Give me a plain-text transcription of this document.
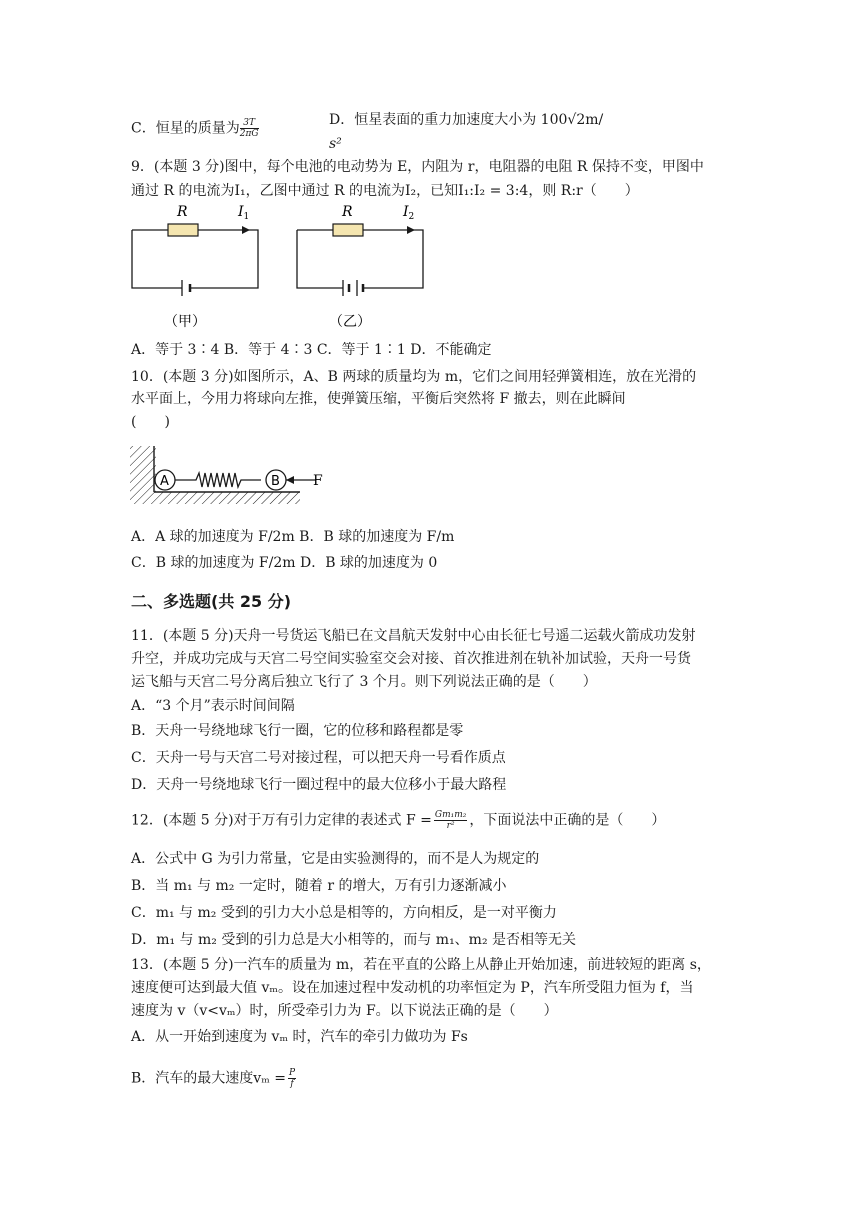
C．恒星的质量为 $\frac{3T}{2\pi G}$	D．恒星表面的重力加速度大小为 100√2m/
s²
9．(本题 3 分)图中，每个电池的电动势为 E，内阻为 r，电阻器的电阻 R 保持不变，甲图中
通过 R 的电流为I₁，乙图中通过 R 的电流为I₂，已知I₁:I₂ = 3:4，则 R:r（　　）
R	$I_1$
（甲）
R	$I_2$
（乙）
A．等于 3∶4 B．等于 4∶3 C．等于 1∶1 D．不能确定
10．(本题 3 分)如图所示，A、B 两球的质量均为 m，它们之间用轻弹簧相连，放在光滑的
水平面上，今用力将球向左推，使弹簧压缩，平衡后突然将 F 撤去，则在此瞬间
(　　)
A	B F
A．A 球的加速度为 F/2m B．B 球的加速度为 F/m
C．B 球的加速度为 F/2m D．B 球的加速度为 0
二、多选题(共 25 分)
11．(本题 5 分)天舟一号货运飞船已在文昌航天发射中心由长征七号遥二运载火箭成功发射
升空，并成功完成与天宫二号空间实验室交会对接、首次推进剂在轨补加试验，天舟一号货
运飞船与天宫二号分离后独立飞行了 3 个月。则下列说法正确的是（　　）
A．“3 个月”表示时间间隔
B．天舟一号绕地球飞行一圈，它的位移和路程都是零
C．天舟一号与天宫二号对接过程，可以把天舟一号看作质点
D．天舟一号绕地球飞行一圈过程中的最大位移小于最大路程
12．(本题 5 分)对于万有引力定律的表述式 $F = \frac{\text{Gm₁m₂}}{\text{r²}}$ ，下面说法中正确的是（　　）
A．公式中 G 为引力常量，它是由实验测得的，而不是人为规定的
B．当 m₁ 与 m₂ 一定时，随着 r 的增大，万有引力逐渐减小
C．m₁ 与 m₂ 受到的引力大小总是相等的，方向相反，是一对平衡力
D．m₁ 与 m₂ 受到的引力总是大小相等的，而与 m₁、m₂ 是否相等无关
13．(本题 5 分)一汽车的质量为 m，若在平直的公路上从静止开始加速，前进较短的距离 s，
速度便可达到最大值 vₘ。设在加速过程中发动机的功率恒定为 P，汽车所受阻力恒为 f，当
速度为 v（v<vₘ）时，所受牵引力为 F。以下说法正确的是（　　）
A．从一开始到速度为 vₘ 时，汽车的牵引力做功为 Fs
B．汽车的最大速度$v_m = \frac{P}{f}$
